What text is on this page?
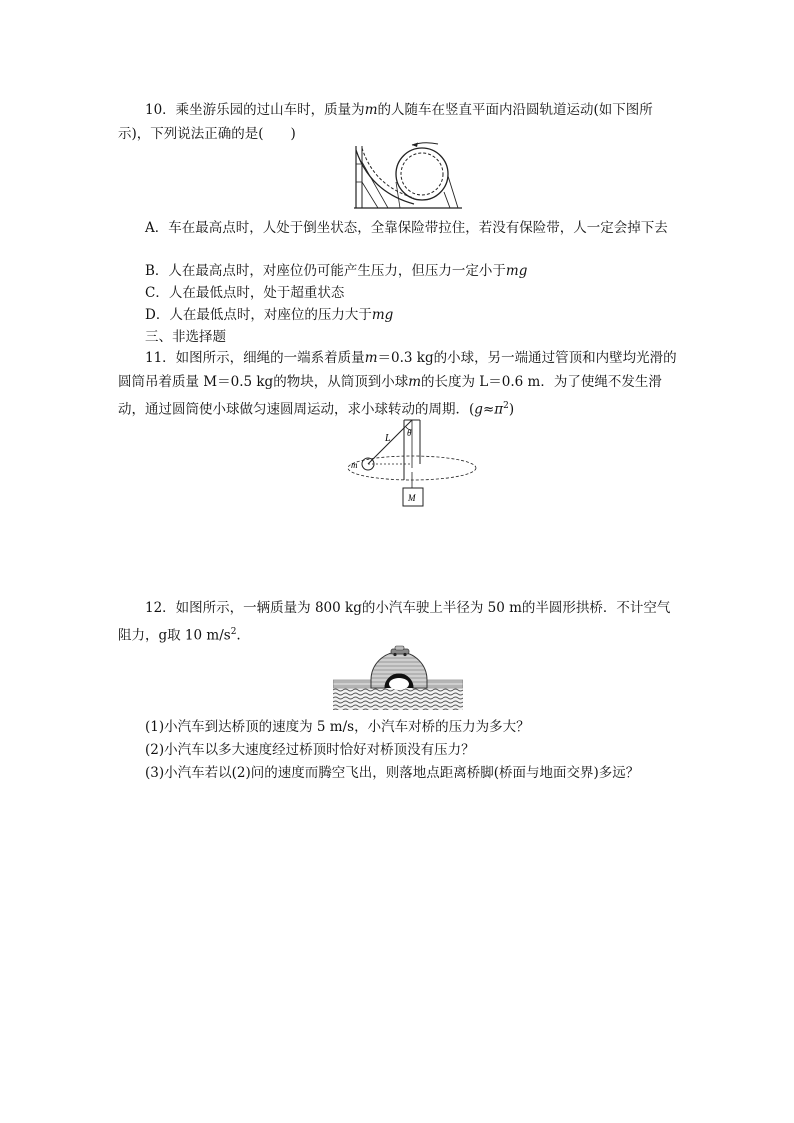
10．乘坐游乐园的过山车时，质量为m的人随车在竖直平面内沿圆轨道运动(如下图所示)，下列说法正确的是(　　)

A．车在最高点时，人处于倒坐状态，全靠保险带拉住，若没有保险带，人一定会掉下去

B．人在最高点时，对座位仍可能产生压力，但压力一定小于mg
C．人在最低点时，处于超重状态
D．人在最低点时，对座位的压力大于mg
三、非选择题

11．如图所示，细绳的一端系着质量m＝0.3 kg的小球，另一端通过管顶和内壁均光滑的圆筒吊着质量 M＝0.5 kg的物块，从筒顶到小球m的长度为 L＝0.6 m．为了使绳不发生滑动，通过圆筒使小球做匀速圆周运动，求小球转动的周期．$(g\approx\pi^2)$

L θ
m
M

12．如图所示，一辆质量为 800 kg的小汽车驶上半径为 50 m的半圆形拱桥．不计空气阻力，g取 10 $m/s^2$.

(1)小汽车到达桥顶的速度为 5 m/s，小汽车对桥的压力为多大？
(2)小汽车以多大速度经过桥顶时恰好对桥顶没有压力？
(3)小汽车若以(2)问的速度而腾空飞出，则落地点距离桥脚(桥面与地面交界)多远？
